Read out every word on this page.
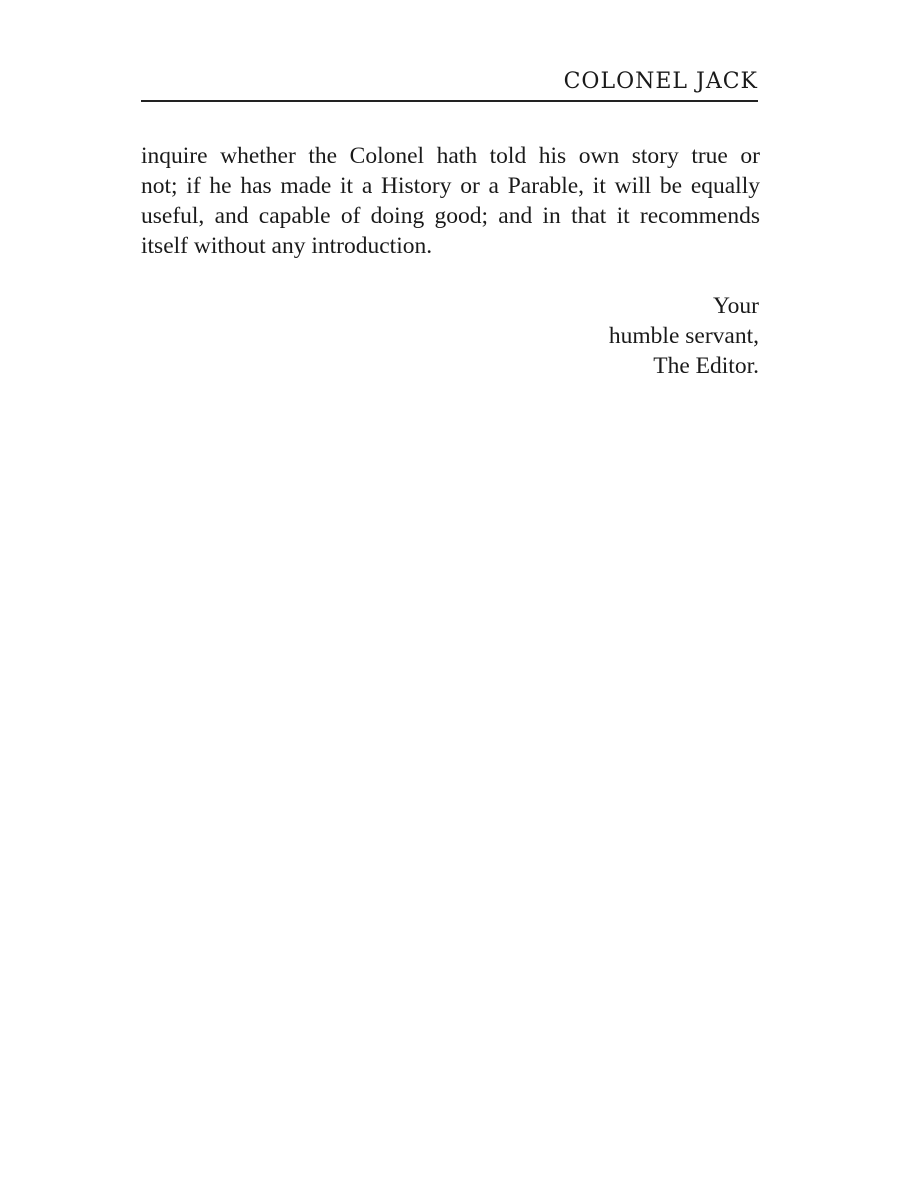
COLONEL JACK
inquire whether the Colonel hath told his own story true or
not; if he has made it a History or a Parable, it will be equally
useful, and capable of doing good; and in that it recommends
itself without any introduction.
Your
humble servant,
The Editor.
